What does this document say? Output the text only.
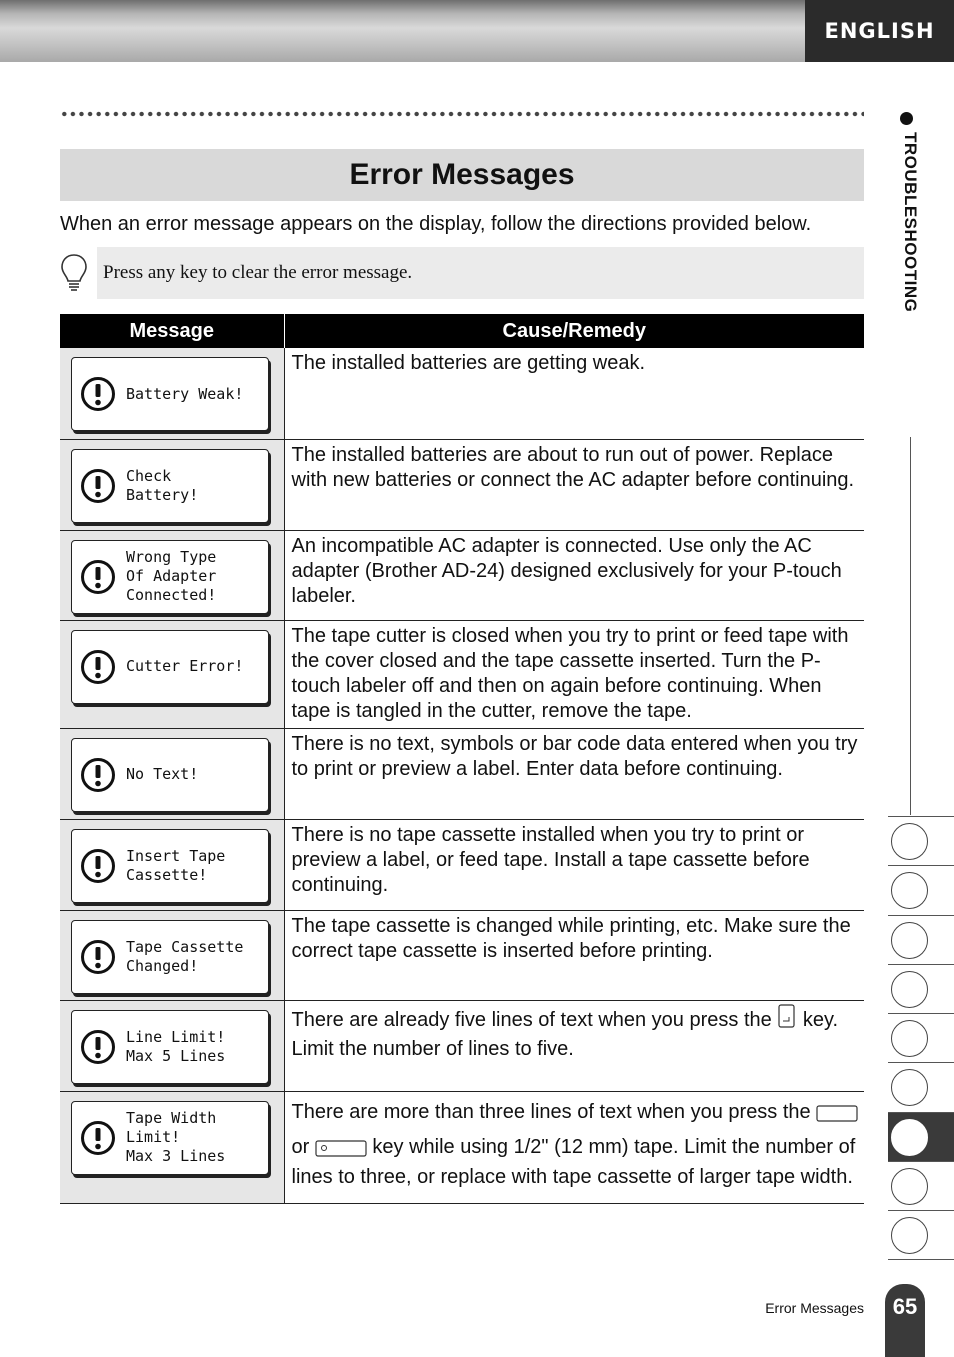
ENGLISH
Error Messages
When an error message appears on the display, follow the directions provided below.
Press any key to clear the error message.
Message	Cause/Remedy

Battery Weak!	The installed batteries are getting weak.

Check
Battery!	The installed batteries are about to run out of power. Replace with new batteries or connect the AC adapter before continuing.

Wrong Type
Of Adapter
Connected!	An incompatible AC adapter is connected. Use only the AC adapter (Brother AD-24) designed exclusively for your P-touch labeler.

Cutter Error!	The tape cutter is closed when you try to print or feed tape with the cover closed and the tape cassette inserted. Turn the P-touch labeler off and then on again before continuing. When tape is tangled in the cutter, remove the tape.

No Text!	There is no text, symbols or bar code data entered when you try to print or preview a label. Enter data before continuing.

Insert Tape
Cassette!	There is no tape cassette installed when you try to print or preview a label, or feed tape. Install a tape cassette before continuing.

Tape Cassette
Changed!	The tape cassette is changed while printing, etc. Make sure the correct tape cassette is inserted before printing.

Line Limit!
Max 5 Lines	There are already five lines of text when you press the key. Limit the number of lines to five.

Tape Width
Limit!
Max 3 Lines	There are more than three lines of text when you press the  or key while using 1/2" (12 mm) tape. Limit the number of lines to three, or replace with tape cassette of larger tape width.
TROUBLESHOOTING
Error Messages	65
